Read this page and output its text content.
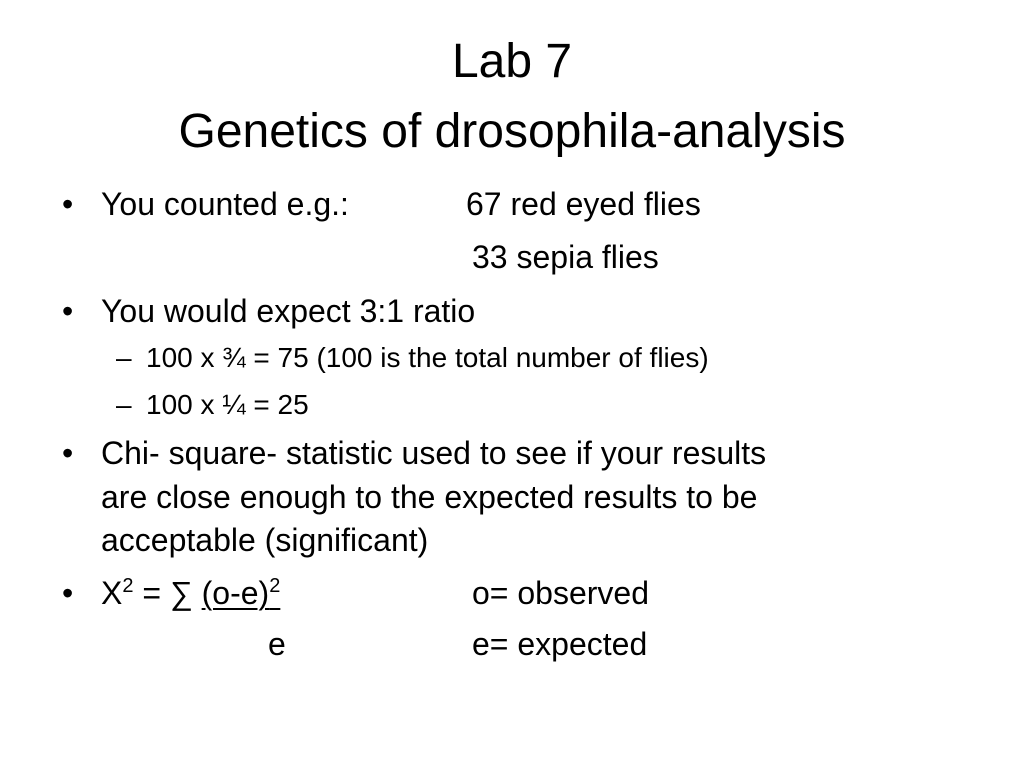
Lab 7
Genetics of drosophila-analysis
• You counted e.g.:	67 red eyed flies
33 sepia flies
• You would expect 3:1 ratio
– 100 x ¾ = 75 (100 is the total number of flies)
– 100 x ¼ = 25
• Chi- square- statistic used to see if your results
are close enough to the expected results to be
acceptable (significant)
• $X^2$ = ∑ $(o-e)^2$	o= observed
e	e= expected
